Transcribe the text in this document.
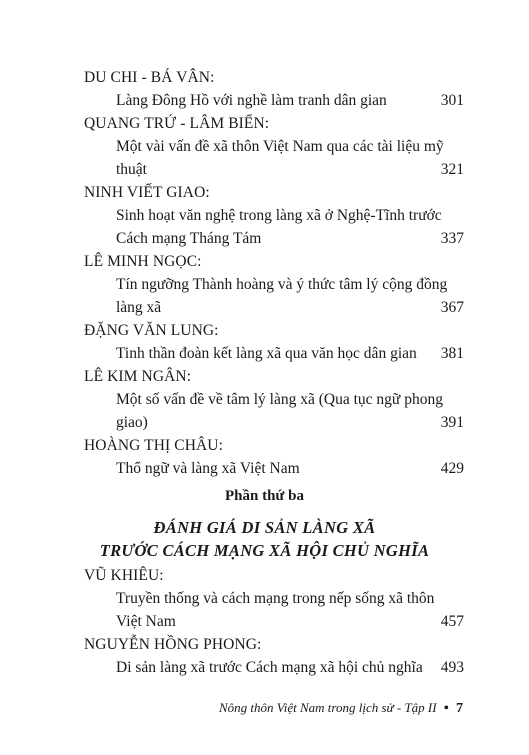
DU CHI - BÁ VÂN:
Làng Đông Hồ với nghề làm tranh dân gian	301
QUANG TRỨ - LÂM BIỂN:
Một vài vấn đề xã thôn Việt Nam qua các tài liệu mỹ
thuật	321
NINH VIẾT GIAO:
Sinh hoạt văn nghệ trong làng xã ở Nghệ-Tĩnh trước
Cách mạng Tháng Tám	337
LÊ MINH NGỌC:
Tín ngưỡng Thành hoàng và ý thức tâm lý cộng đồng
làng xã	367
ĐẶNG VĂN LUNG:
Tinh thần đoàn kết làng xã qua văn học dân gian	381
LÊ KIM NGÂN:
Một số vấn đề về tâm lý làng xã (Qua tục ngữ phong
giao)	391
HOÀNG THỊ CHÂU:
Thổ ngữ và làng xã Việt Nam	429
Phần thứ ba
ĐÁNH GIÁ DI SẢN LÀNG XÃ
TRƯỚC CÁCH MẠNG XÃ HỘI CHỦ NGHĨA
VŨ KHIÊU:
Truyền thống và cách mạng trong nếp sống xã thôn
Việt Nam	457
NGUYỄN HỒNG PHONG:
Di sản làng xã trước Cách mạng xã hội chủ nghĩa	493
Nông thôn Việt Nam trong lịch sử - Tập II • 7
